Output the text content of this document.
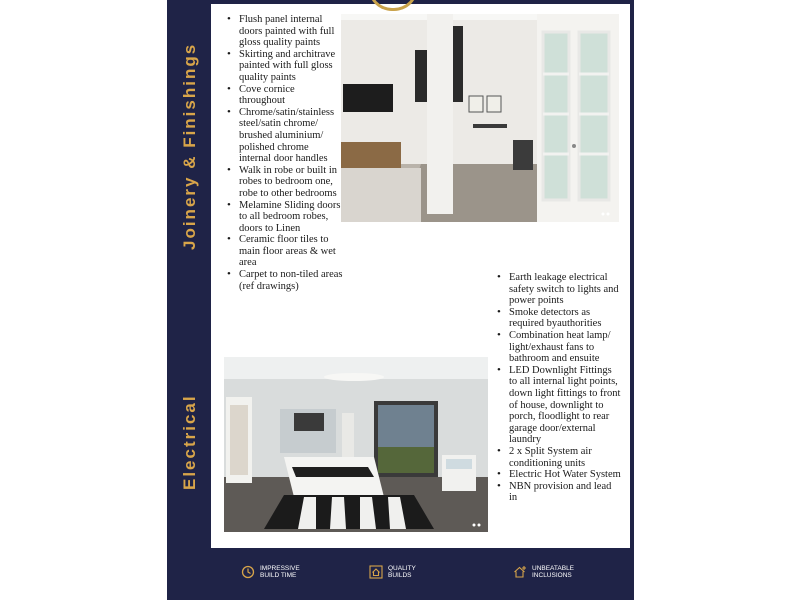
Joinery & Finishings
Electrical
• Flush panel internal doors painted with full gloss quality paints
• Skirting and architrave painted with full gloss quality paints
• Cove cornice throughout
• Chrome/satin/stainless steel/satin chrome/ brushed aluminium/ polished chrome internal door handles
• Walk in robe or built in robes to bedroom one, robe to other bedrooms
• Melamine Sliding doors to all bedroom robes, doors to Linen
• Ceramic floor tiles to main floor areas & wet area
• Carpet to non-tiled areas (ref drawings)
• Earth leakage electrical safety switch to lights and power points
• Smoke detectors as required byauthorities
• Combination heat lamp/ light/exhaust fans to bathroom and ensuite
• LED Downlight Fittings to all internal light points, down light fittings to front of house, downlight to porch, floodlight to rear garage door/external laundry
• 2 x Split System air conditioning units
• Electric Hot Water System
• NBN provision and lead in
IMPRESSIVE
BUILD TIME
QUALITY
BUILDS
UNBEATABLE
INCLUSIONS
